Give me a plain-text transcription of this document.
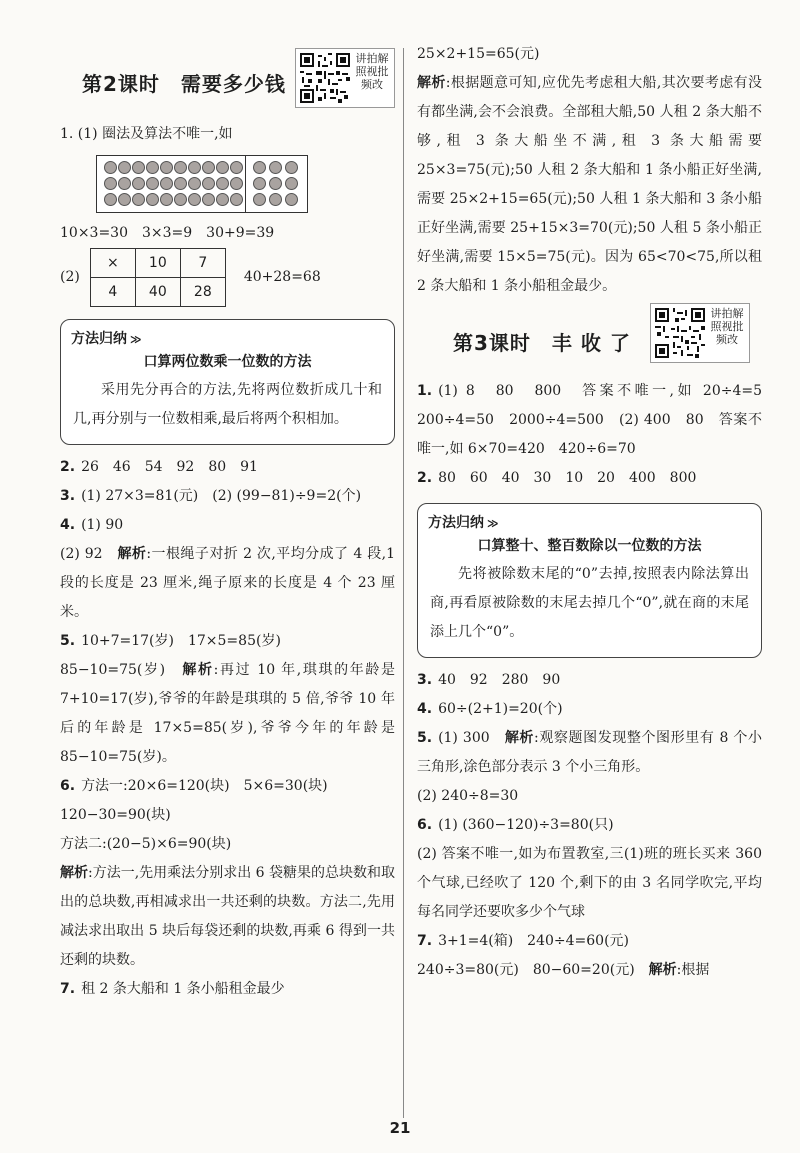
第2课时　需要多少钱
讲拍解照视批频改

1. (1) 圈法及算法不唯一,如

10×3=30　3×3=9　30+9=39

(2)
×	10	7
4	40	28
40+28=68
方法归纳 ≫
口算两位数乘一位数的方法
采用先分再合的方法,先将两位数折成几十和几,再分别与一位数相乘,最后将两个积相加。

2. 26　46　54　92　80　91

3. (1) 27×3=81(元)　(2) (99−81)÷9=2(个)

4. (1) 90

(2) 92　解析:一根绳子对折 2 次,平均分成了 4 段,1 段的长度是 23 厘米,绳子原来的长度是 4 个 23 厘米。

5. 10+7=17(岁)　17×5=85(岁)

85−10=75(岁)　解析:再过 10 年,琪琪的年龄是 7+10=17(岁),爷爷的年龄是琪琪的 5 倍,爷爷 10 年后的年龄是 17×5=85(岁),爷爷今年的年龄是 85−10=75(岁)。

6. 方法一:20×6=120(块)　5×6=30(块)

120−30=90(块)

方法二:(20−5)×6=90(块)

解析:方法一,先用乘法分别求出 6 袋糖果的总块数和取出的总块数,再相减求出一共还剩的块数。方法二,先用减法求出取出 5 块后每袋还剩的块数,再乘 6 得到一共还剩的块数。

7. 租 2 条大船和 1 条小船租金最少

25×2+15=65(元)

解析:根据题意可知,应优先考虑租大船,其次要考虑有没有都坐满,会不会浪费。全部租大船,50 人租 2 条大船不够,租 3 条大船坐不满,租 3 条大船需要 25×3=75(元);50 人租 2 条大船和 1 条小船正好坐满,需要 25×2+15=65(元);50 人租 1 条大船和 3 条小船正好坐满,需要 25+15×3=70(元);50 人租 5 条小船正好坐满,需要 15×5=75(元)。因为 65<70<75,所以租 2 条大船和 1 条小船租金最少。

第3课时　丰 收 了
讲拍解照视批频改

1. (1) 8　80　800　答案不唯一,如 20÷4=5　200÷4=50　2000÷4=500　(2) 400　80　答案不唯一,如 6×70=420　420÷6=70

2. 80　60　40　30　10　20　400　800

方法归纳 ≫
口算整十、整百数除以一位数的方法
先将被除数末尾的“0”去掉,按照表内除法算出商,再看原被除数的末尾去掉几个“0”,就在商的末尾添上几个“0”。

3. 40　92　280　90

4. 60÷(2+1)=20(个)

5. (1) 300　解析:观察题图发现整个图形里有 8 个小三角形,涂色部分表示 3 个小三角形。

(2) 240÷8=30

6. (1) (360−120)÷3=80(只)

(2) 答案不唯一,如为布置教室,三(1)班的班长买来 360 个气球,已经吹了 120 个,剩下的由 3 名同学吹完,平均每名同学还要吹多少个气球

7. 3+1=4(箱)　240÷4=60(元)

240÷3=80(元)　80−60=20(元)　解析:根据

21
